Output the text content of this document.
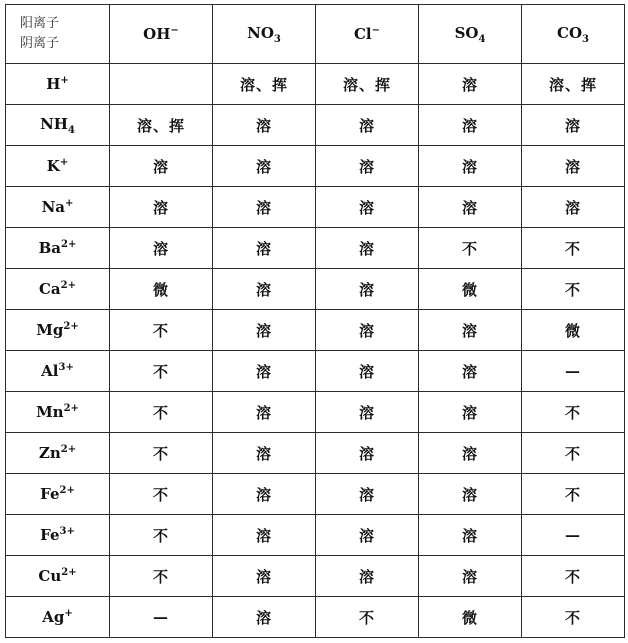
阳离子
阴离子	OH−	$NO_3$	Cl−	$SO_4$	$CO_3$
H+		溶、挥	溶、挥	溶	溶、挥
$NH_4$	溶、挥	溶	溶	溶	溶
K+	溶	溶	溶	溶	溶
Na+	溶	溶	溶	溶	溶
$Ba^{2+}$	溶	溶	溶	不	不
$Ca^{2+}$	微	溶	溶	微	不
$Mg^{2+}$	不	溶	溶	溶	微
$Al^{3+}$	不	溶	溶	溶	—
$Mn^{2+}$	不	溶	溶	溶	不
$Zn^{2+}$	不	溶	溶	溶	不
$Fe^{2+}$	不	溶	溶	溶	不
$Fe^{3+}$	不	溶	溶	溶	—
$Cu^{2+}$	不	溶	溶	溶	不
Ag+	—	溶	不	微	不
